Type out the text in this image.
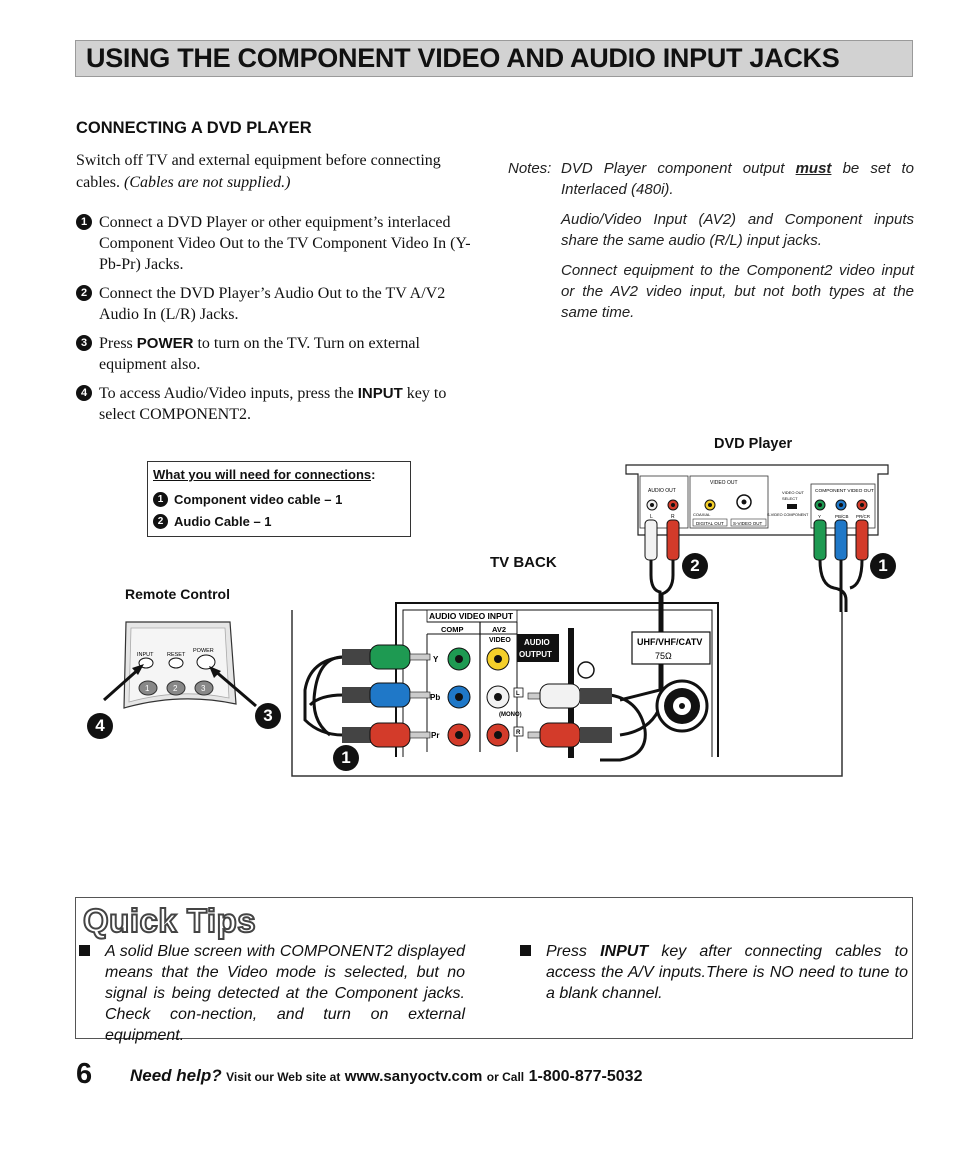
USING THE COMPONENT VIDEO AND AUDIO INPUT JACKS
CONNECTING A DVD PLAYER
Switch off TV and external equipment before connecting cables. (Cables are not supplied.)
1 Connect a DVD Player or other equipment’s interlaced Component Video Out to the TV Component Video In (Y-Pb-Pr) Jacks.
2 Connect the DVD Player’s Audio Out to the TV A/V2 Audio In (L/R) Jacks.
3 Press POWER to turn on the TV. Turn on external equipment also.
4 To access Audio/Video inputs, press the INPUT key to select COMPONENT2.
Notes: DVD Player component output must be set to Interlaced (480i).
Audio/Video Input (AV2) and Component inputs share the same audio (R/L) input jacks.
Connect equipment to the Component2 video input or the AV2 video input, but not both types at the same time.
What you will need for connections:
1 Component video cable – 1
2 Audio Cable – 1
DVD Player
TV BACK
Remote Control
AUDIO OUT
L	R
VIDEO OUT
COAXIAL
DIGITAL OUT S-VIDEO OUT
VIDEO OUT
SELECT
S-VIDEO COMPONENT
COMPONENT VIDEO OUT
Y	PB/CB PR/CR
AUDIO VIDEO INPUT
COMP	AV2
AUDIO
OUTPUT
VIDEO
Y
Pb
Pr
L
R
(MONO)
UHF/VHF/CATV
75Ω
INPUT RESET
POWER
1	2	3
2	1
4
3
1
Quick Tips
A solid Blue screen with COMPONENT2 displayed means that the Video mode is selected, but no signal is being detected at the Component jacks. Check con-nection, and turn on external equipment.
Press INPUT key after connecting cables to access the A/V inputs.There is NO need to tune to a blank channel.
6 Need help? Visit our Web site at www.sanyoctv.com or Call 1-800-877-5032
